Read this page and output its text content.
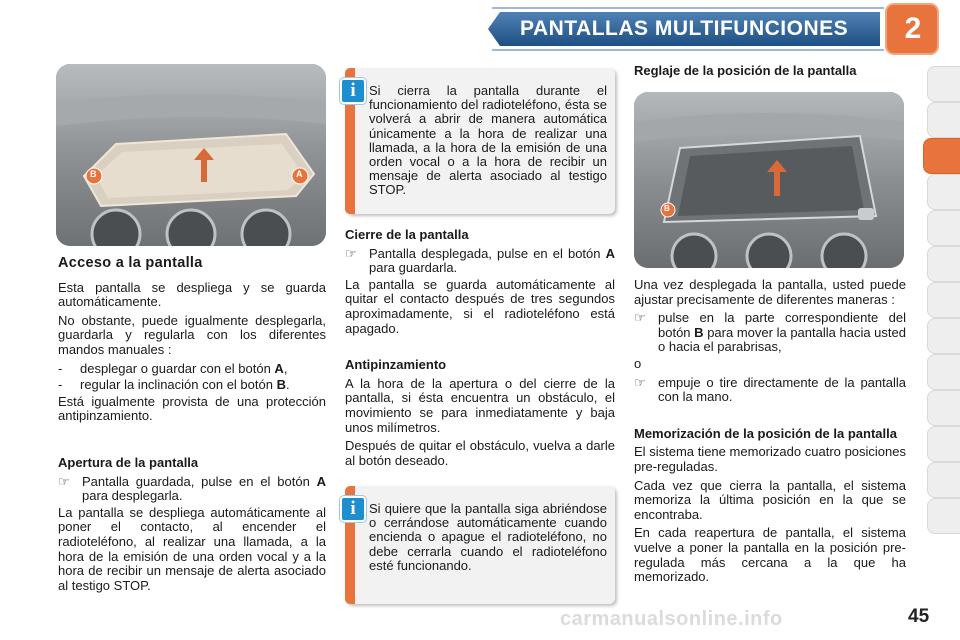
PANTALLAS MULTIFUNCIONES	2
B	A
Acceso a la pantalla

Esta pantalla se despliega y se guarda automáticamente.

No obstante, puede igualmente desplegarla, guardarla y regularla con los diferentes mandos manuales :

-	desplegar o guardar con el botón A,
-	regular la inclinación con el botón B.

Está igualmente provista de una protección antipinzamiento.

Apertura de la pantalla
☞ Pantalla guardada, pulse en el botón A para desplegarla.

La pantalla se despliega automáticamente al poner el contacto, al encender el radioteléfono, al realizar una llamada, a la hora de la emisión de una orden vocal y a la hora de recibir un mensaje de alerta asociado al testigo STOP.

Si cierra la pantalla durante el funcionamiento del radioteléfono, ésta se volverá a abrir de manera automática únicamente a la hora de realizar una llamada, a la hora de la emisión de una orden vocal o a la hora de recibir un mensaje de alerta asociado al testigo STOP.
i
Cierre de la pantalla
☞ Pantalla desplegada, pulse en el botón A para guardarla.

La pantalla se guarda automáticamente al quitar el contacto después de tres segundos aproximadamente, si el radioteléfono está apagado.

Antipinzamiento

A la hora de la apertura o del cierre de la pantalla, si ésta encuentra un obstáculo, el movimiento se para inmediatamente y baja unos milímetros.

Después de quitar el obstáculo, vuelva a darle al botón deseado.

Si quiere que la pantalla siga abriéndose o cerrándose automáticamente cuando encienda o apague el radioteléfono, no debe cerrarla cuando el radioteléfono esté funcionando.
i
Reglaje de la posición de la pantalla
B

Una vez desplegada la pantalla, usted puede ajustar precisamente de diferentes maneras :

☞ pulse en la parte correspondiente del botón B para mover la pantalla hacia usted o hacia el parabrisas,

o

☞ empuje o tire directamente de la pantalla con la mano.
Memorización de la posición de la pantalla

El sistema tiene memorizado cuatro posiciones pre-reguladas.

Cada vez que cierra la pantalla, el sistema memoriza la última posición en la que se encontraba.

En cada reapertura de pantalla, el sistema vuelve a poner la pantalla en la posición pre-regulada más cercana a la que ha memorizado.

carmanualsonline.info	45
